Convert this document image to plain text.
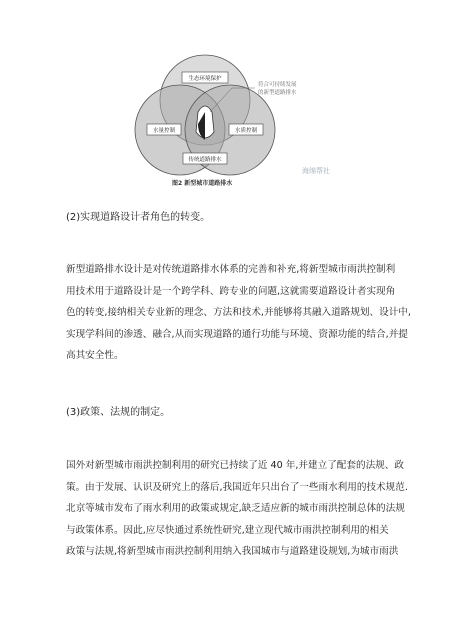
生态环境保护
水量控制	水质控制
传统道路排水
符合可持续发展
的新型道路排水
图2 新型城市道路排水
海绵帮社
(2)实现道路设计者角色的转变。
新型道路排水设计是对传统道路排水体系的完善和补充,将新型城市雨洪控制利
用技术用于道路设计是一个跨学科、跨专业的问题,这就需要道路设计者实现角
色的转变,接纳相关专业新的理念、方法和技术,并能够将其融入道路规划、设计中,
实现学科间的渗透、融合,从而实现道路的通行功能与环境、资源功能的结合,并提
高其安全性。
(3)政策、法规的制定。
国外对新型城市雨洪控制利用的研究已持续了近 40 年,并建立了配套的法规、政
策。由于发展、认识及研究上的落后,我国近年只出台了一些雨水利用的技术规范.
北京等城市发布了雨水利用的政策或规定,缺乏适应新的城市雨洪控制总体的法规
与政策体系。因此,应尽快通过系统性研究,建立现代城市雨洪控制利用的相关
政策与法规,将新型城市雨洪控制利用纳入我国城市与道路建设规划,为城市雨洪
